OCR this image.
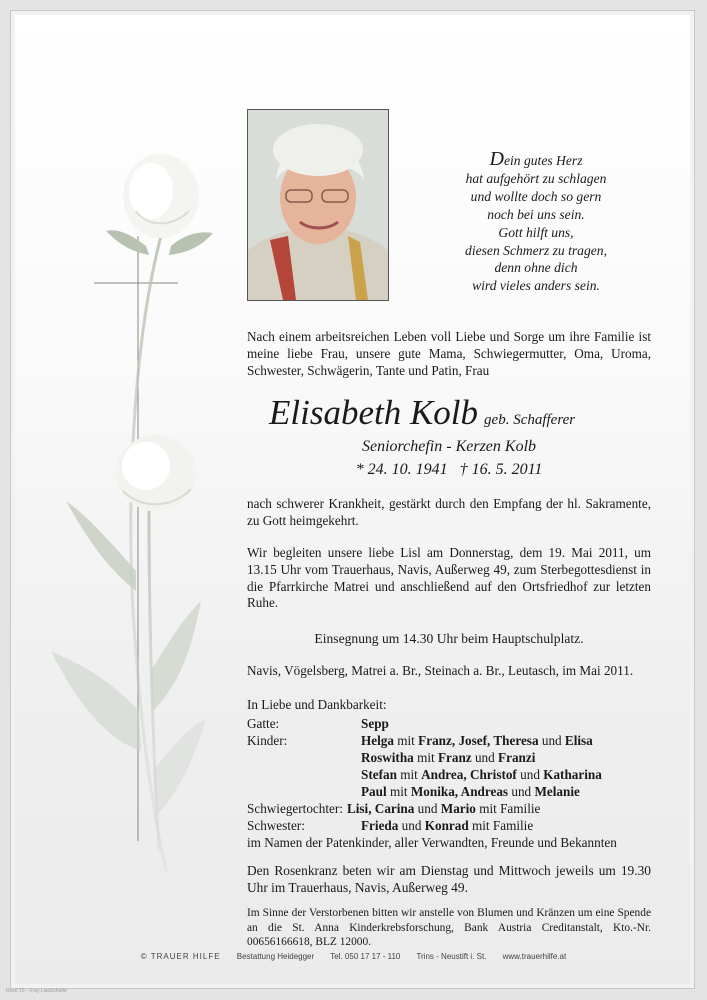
Dein gutes Herz
hat aufgehört zu schlagen
und wollte doch so gern
noch bei uns sein.
Gott hilft uns,
diesen Schmerz zu tragen,
denn ohne dich
wird vieles anders sein.
Nach einem arbeitsreichen Leben voll Liebe und Sorge um ihre Familie ist meine liebe Frau, unsere gute Mama, Schwiegermutter, Oma, Uroma, Schwester, Schwägerin, Tante und Patin, Frau
Elisabeth Kolb geb. Schafferer
Seniorchefin - Kerzen Kolb
* 24. 10. 1941   † 16. 5. 2011
nach schwerer Krankheit, gestärkt durch den Empfang der hl. Sakramente, zu Gott heimgekehrt.
Wir begleiten unsere liebe Lisl am Donnerstag, dem 19. Mai 2011, um 13.15 Uhr vom Trauerhaus, Navis, Außerweg 49, zum Sterbegottesdienst in die Pfarrkirche Matrei und anschließend auf den Ortsfriedhof zur letzten Ruhe.
Einsegnung um 14.30 Uhr beim Hauptschulplatz.
Navis, Vögelsberg, Matrei a. Br., Steinach a. Br., Leutasch, im Mai 2011.
In Liebe und Dankbarkeit:
Gatte:	Sepp
Kinder:	Helga mit Franz, Josef, Theresa und Elisa
Roswitha mit Franz und Franzi
Stefan mit Andrea, Christof und Katharina
Paul mit Monika, Andreas und Melanie
Schwiegertochter: Lisi, Carina und Mario mit Familie
Schwester:	Frieda und Konrad mit Familie
im Namen der Patenkinder, aller Verwandten, Freunde und Bekannten
Den Rosenkranz beten wir am Dienstag und Mittwoch jeweils um 19.30 Uhr im Trauerhaus, Navis, Außerweg 49.
Im Sinne der Verstorbenen bitten wir anstelle von Blumen und Kränzen um eine Spende an die St. Anna Kinderkrebsforschung, Bank Austria Creditanstalt, Kto.-Nr. 00656166618, BLZ 12000.
© TRAUER HILFE Bestattung Heidegger Tel. 050 17 17 - 110 Trins - Neustift i. St. www.trauerhilfe.at
Rose 16 · © by LisaSchulte
